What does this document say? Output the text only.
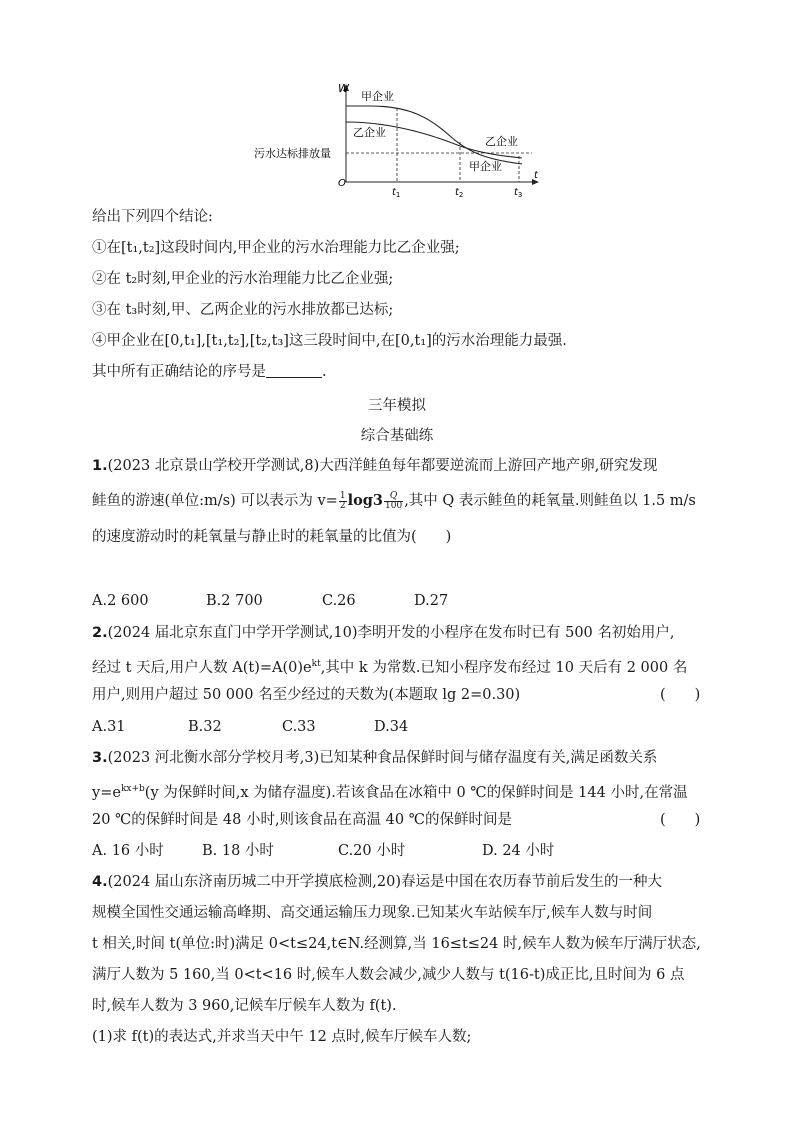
W
t
O
污水达标排放量
甲企业
乙企业
乙企业
甲企业
$t_1$	$t_2$	$t_3$
给出下列四个结论:
①在[t₁,t₂]这段时间内,甲企业的污水治理能力比乙企业强;
②在 t₂时刻,甲企业的污水治理能力比乙企业强;
③在 t₃时刻,甲、乙两企业的污水排放都已达标;
④甲企业在[0,t₁],[t₁,t₂],[t₂,t₃]这三段时间中,在[0,t₁]的污水治理能力最强.
其中所有正确结论的序号是	.
三年模拟
综合基础练
1.(2023 北京景山学校开学测试,8)大西洋鲑鱼每年都要逆流而上游回产地产卵,研究发现
鲑鱼的游速(单位:m/s) 可以表示为 $v= \frac{1}{2} \log 3 \frac{Q}{100}$ ,其中 Q 表示鲑鱼的耗氧量.则鲑鱼以 1.5 m/s
的速度游动时的耗氧量与静止时的耗氧量的比值为(　　)
A.2 600	B.2 700	C.26	D.27
2.(2024 届北京东直门中学开学测试,10)李明开发的小程序在发布时已有 500 名初始用户,
经过 t 天后,用户人数 $A(t)=A(0)e^{kt}$,其中 k 为常数.已知小程序发布经过 10 天后有 2 000 名
用户,则用户超过 50 000 名至少经过的天数为(本题取 lg 2=0.30)	(　　)
A.31	B.32	C.33	D.34
3.(2023 河北衡水部分学校月考,3)已知某种食品保鲜时间与储存温度有关,满足函数关系
$y=e^{kx+b}(y$ 为保鲜时间,x 为储存温度).若该食品在冰箱中 0 ℃的保鲜时间是 144 小时,在常温
20 ℃的保鲜时间是 48 小时,则该食品在高温 40 ℃的保鲜时间是	(　　)
A. 16 小时	B. 18 小时	C.20 小时	D. 24 小时
4.(2024 届山东济南历城二中开学摸底检测,20)春运是中国在农历春节前后发生的一种大
规模全国性交通运输高峰期、高交通运输压力现象.已知某火车站候车厅,候车人数与时间
t 相关,时间 t(单位:时)满足 0<t≤24,t∈N.经测算,当 16≤t≤24 时,候车人数为候车厅满厅状态,
满厅人数为 5 160,当 0<t<16 时,候车人数会减少,减少人数与 t(16-t)成正比,且时间为 6 点
时,候车人数为 3 960,记候车厅候车人数为 f(t).
(1)求 f(t)的表达式,并求当天中午 12 点时,候车厅候车人数;
